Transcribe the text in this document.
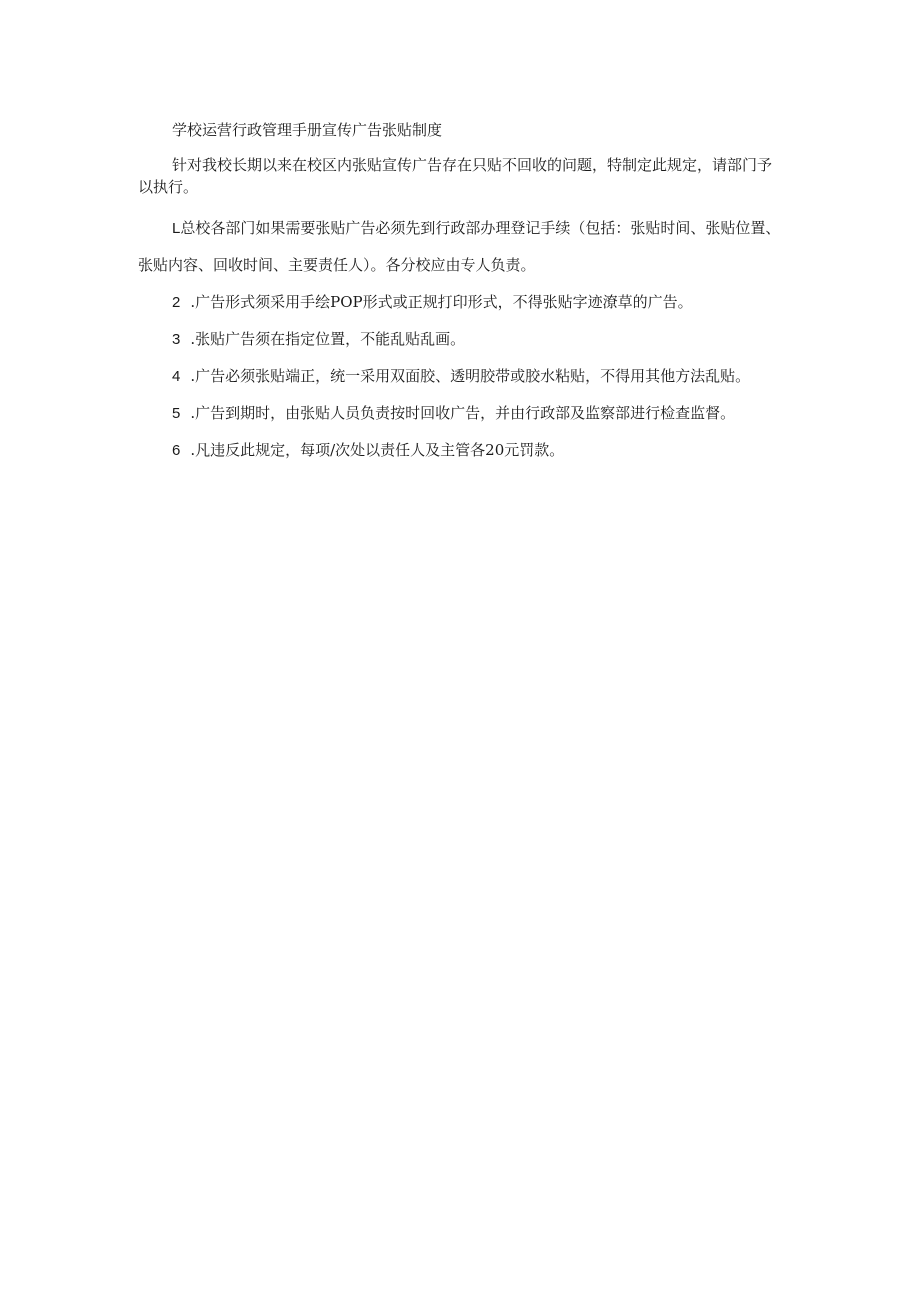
学校运营行政管理手册宣传广告张贴制度

针对我校长期以来在校区内张贴宣传广告存在只贴不回收的问题，特制定此规定，请部门予以执行。

L总校各部门如果需要张贴广告必须先到行政部办理登记手续（包括：张贴时间、张贴位置、张贴内容、回收时间、主要责任人）。各分校应由专人负责。

2 .广告形式须采用手绘POP形式或正规打印形式，不得张贴字迹潦草的广告。

3 .张贴广告须在指定位置，不能乱贴乱画。

4 .广告必须张贴端正，统一采用双面胶、透明胶带或胶水粘贴，不得用其他方法乱贴。

5 .广告到期时，由张贴人员负责按时回收广告，并由行政部及监察部进行检查监督。

6 .凡违反此规定，每项/次处以责任人及主管各20元罚款。
